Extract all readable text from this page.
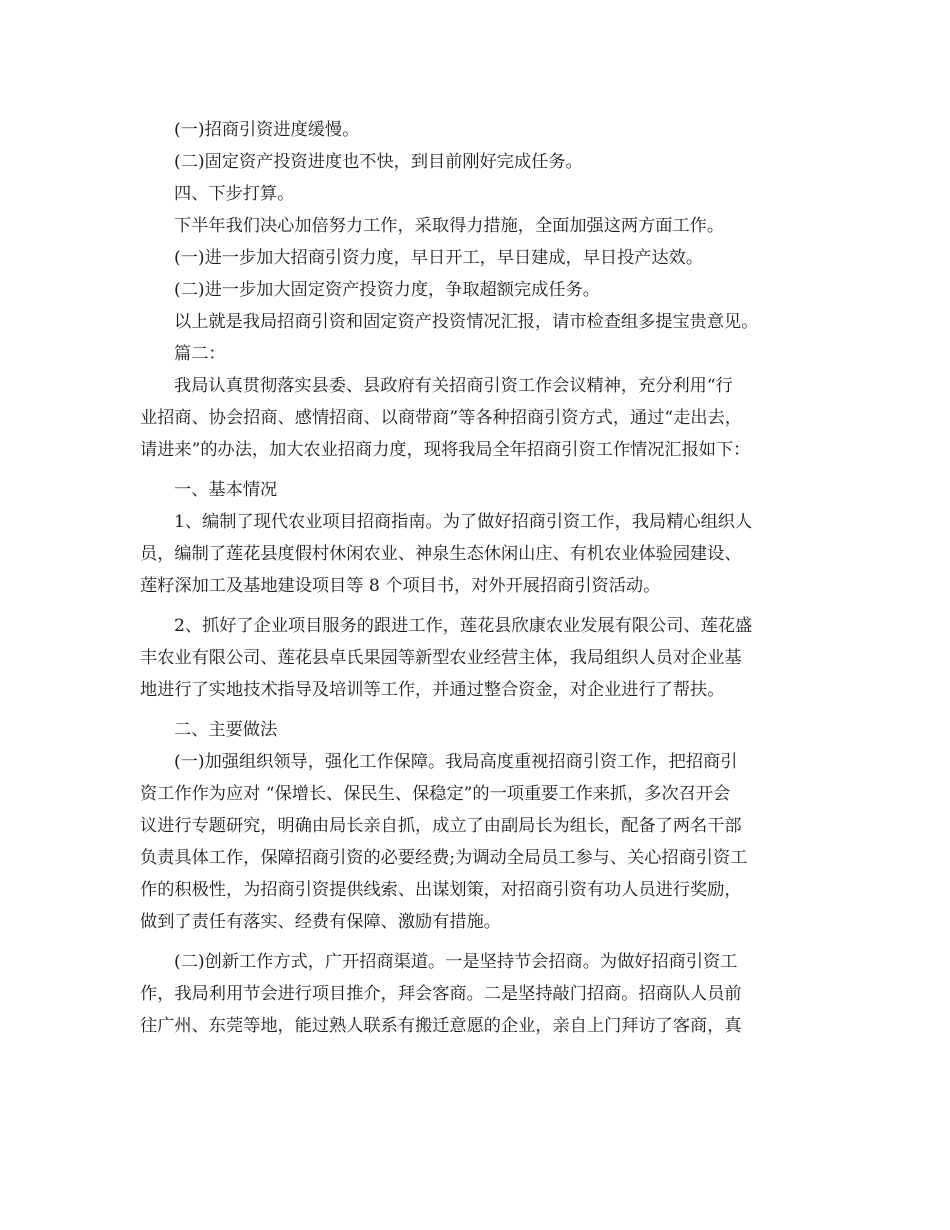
(一)招商引资进度缓慢。
(二)固定资产投资进度也不快，到目前刚好完成任务。
四、下步打算。
下半年我们决心加倍努力工作，采取得力措施，全面加强这两方面工作。
(一)进一步加大招商引资力度，早日开工，早日建成，早日投产达效。
(二)进一步加大固定资产投资力度，争取超额完成任务。
以上就是我局招商引资和固定资产投资情况汇报，请市检查组多提宝贵意见。
篇二：
我局认真贯彻落实县委、县政府有关招商引资工作会议精神，充分利用“行
业招商、协会招商、感情招商、以商带商”等各种招商引资方式，通过“走出去，
请进来”的办法，加大农业招商力度，现将我局全年招商引资工作情况汇报如下：
一、基本情况
1、编制了现代农业项目招商指南。为了做好招商引资工作，我局精心组织人
员，编制了莲花县度假村休闲农业、神泉生态休闲山庄、有机农业体验园建设、
莲籽深加工及基地建设项目等 8 个项目书，对外开展招商引资活动。
2、抓好了企业项目服务的跟进工作，莲花县欣康农业发展有限公司、莲花盛
丰农业有限公司、莲花县卓氏果园等新型农业经营主体，我局组织人员对企业基
地进行了实地技术指导及培训等工作，并通过整合资金，对企业进行了帮扶。
二、主要做法
(一)加强组织领导，强化工作保障。我局高度重视招商引资工作，把招商引
资工作作为应对 “保增长、保民生、保稳定”的一项重要工作来抓，多次召开会
议进行专题研究，明确由局长亲自抓，成立了由副局长为组长，配备了两名干部
负责具体工作，保障招商引资的必要经费;为调动全局员工参与、关心招商引资工
作的积极性，为招商引资提供线索、出谋划策，对招商引资有功人员进行奖励，
做到了责任有落实、经费有保障、激励有措施。
(二)创新工作方式，广开招商渠道。一是坚持节会招商。为做好招商引资工
作，我局利用节会进行项目推介，拜会客商。二是坚持敲门招商。招商队人员前
往广州、东莞等地，能过熟人联系有搬迁意愿的企业，亲自上门拜访了客商，真
